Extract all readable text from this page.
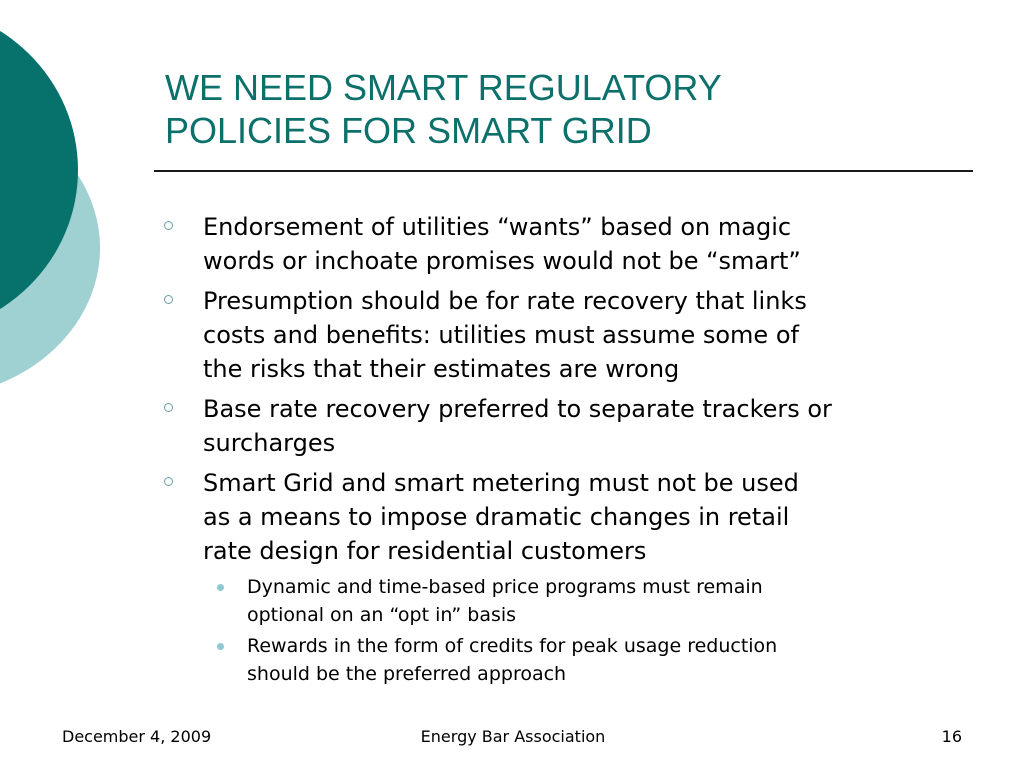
WE NEED SMART REGULATORY
POLICIES FOR SMART GRID
Endorsement of utilities “wants” based on magic
words or inchoate promises would not be “smart”
Presumption should be for rate recovery that links
costs and benefits: utilities must assume some of
the risks that their estimates are wrong
Base rate recovery preferred to separate trackers or
surcharges
Smart Grid and smart metering must not be used
as a means to impose dramatic changes in retail
rate design for residential customers
Dynamic and time-based price programs must remain
optional on an “opt in” basis
Rewards in the form of credits for peak usage reduction
should be the preferred approach
December 4, 2009	Energy Bar Association	16
